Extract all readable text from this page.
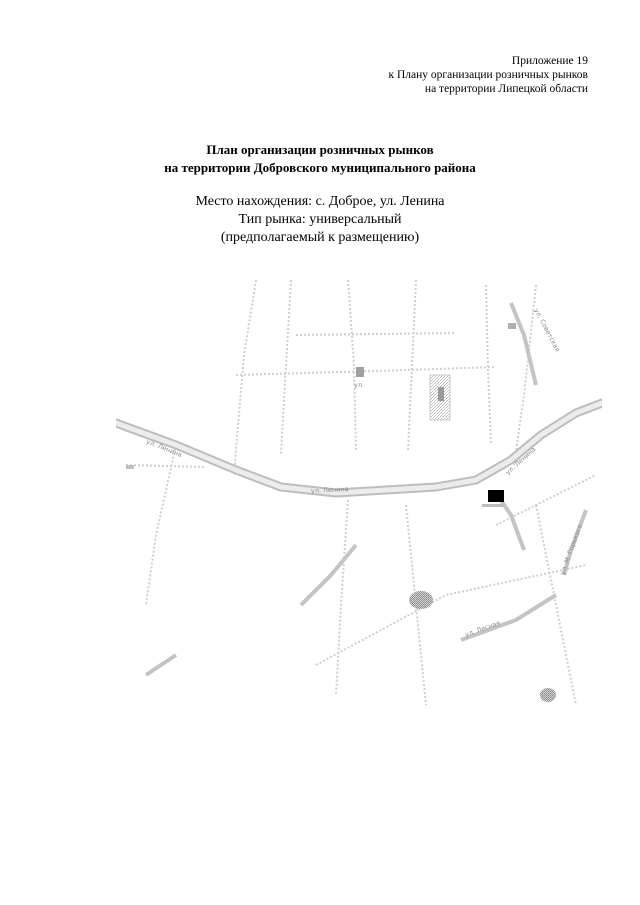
Приложение 19
к Плану организации розничных рынков
на территории Липецкой области
План организации розничных рынков
на территории Добровского муниципального района
Место нахождения: с. Доброе, ул. Ленина
Тип рынка: универсальный
(предполагаемый к размещению)
ул. Ленина
ул. Ленина
ул. Ленина
ул.
ул. Советская
ул. М. Горького
ул. Лесная
